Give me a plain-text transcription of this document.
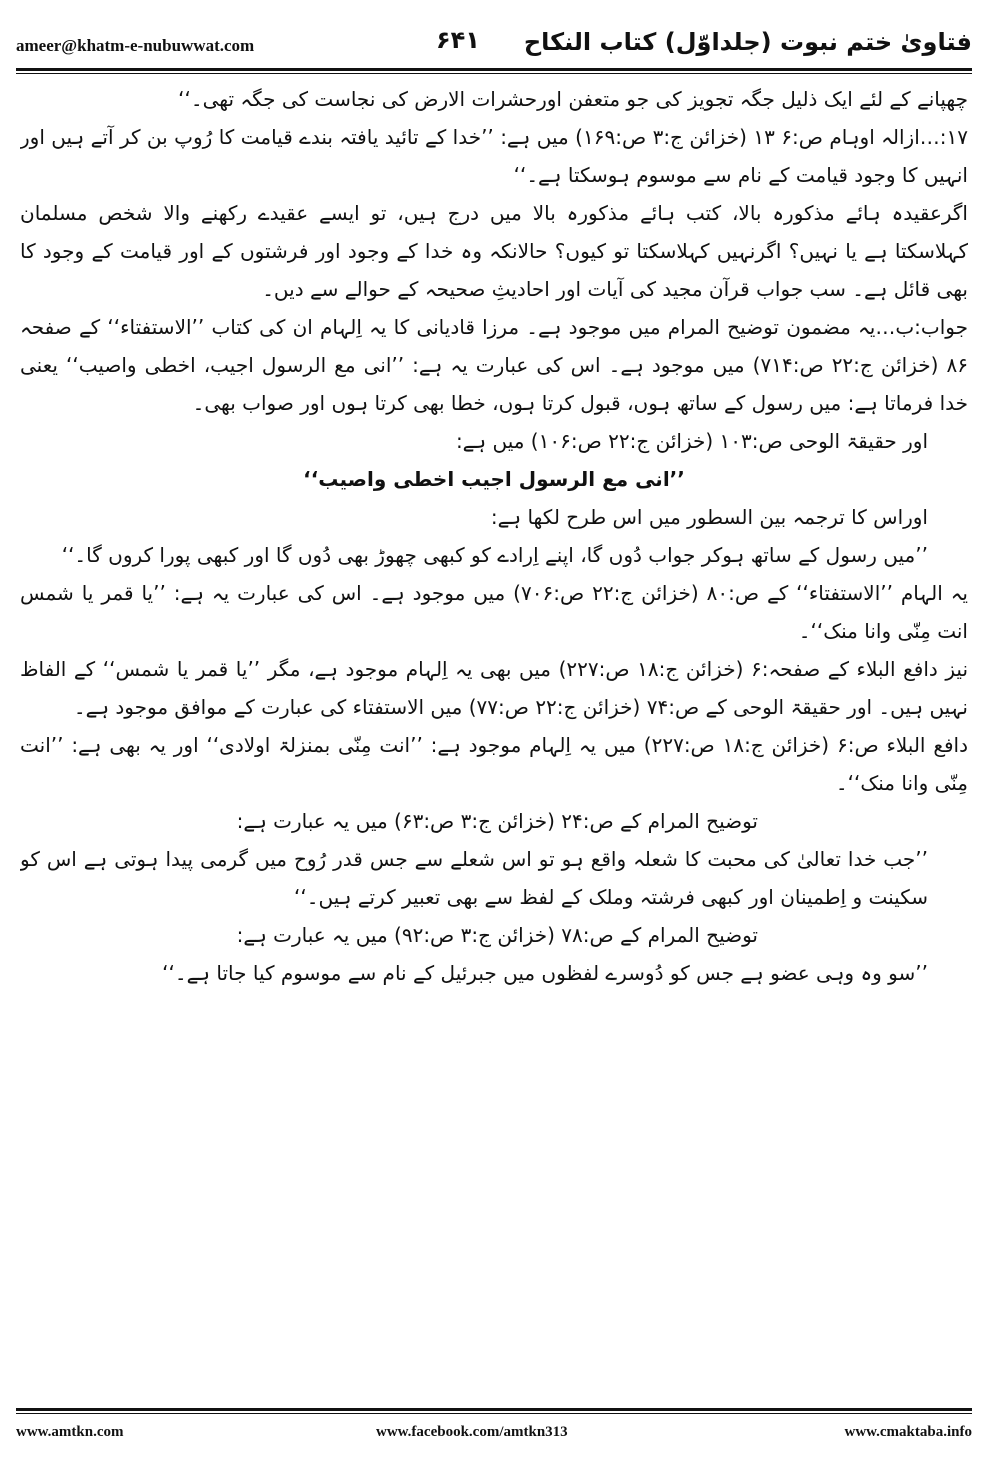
ameer@khatm-e-nubuwwat.com	۶۴۱ فتاویٰ ختم نبوت (جلداوّل) کتاب النکاح

چھپانے کے لئے ایک ذلیل جگہ تجویز کی جو متعفن اورحشرات الارض کی نجاست کی جگہ تھی۔‘‘

۱۷:…ازالہ اوہام ص:۶ ۱۳ (خزائن ج:۳ ص:۱۶۹) میں ہے: ’’خدا کے تائید یافتہ بندے قیامت کا رُوپ بن کر آتے ہیں اور انہیں کا وجود قیامت کے نام سے موسوم ہوسکتا ہے۔‘‘

اگرعقیدہ ہائے مذکورہ بالا، کتب ہائے مذکورہ بالا میں درج ہیں، تو ایسے عقیدے رکھنے والا شخص مسلمان کہلاسکتا ہے یا نہیں؟ اگرنہیں کہلاسکتا تو کیوں؟ حالانکہ وہ خدا کے وجود اور فرشتوں کے اور قیامت کے وجود کا بھی قائل ہے۔ سب جواب قرآن مجید کی آیات اور احادیثِ صحیحہ کے حوالے سے دیں۔

جواب:ب…یہ مضمون توضیح المرام میں موجود ہے۔ مرزا قادیانی کا یہ اِلہام ان کی کتاب ’’الاستفتاء‘‘ کے صفحہ ۸۶ (خزائن ج:۲۲ ص:۷۱۴) میں موجود ہے۔ اس کی عبارت یہ ہے: ’’انی مع الرسول اجیب، اخطی واصیب‘‘ یعنی خدا فرماتا ہے: میں رسول کے ساتھ ہوں، قبول کرتا ہوں، خطا بھی کرتا ہوں اور صواب بھی۔

اور حقیقۃ الوحی ص:۱۰۳ (خزائن ج:۲۲ ص:۱۰۶) میں ہے:

’’انی مع الرسول اجیب اخطی واصیب‘‘

اوراس کا ترجمہ بین السطور میں اس طرح لکھا ہے:

’’میں رسول کے ساتھ ہوکر جواب دُوں گا، اپنے اِرادے کو کبھی چھوڑ بھی دُوں گا اور کبھی پورا کروں گا۔‘‘

یہ الہام ’’الاستفتاء‘‘ کے ص:۸۰ (خزائن ج:۲۲ ص:۷۰۶) میں موجود ہے۔ اس کی عبارت یہ ہے: ’’یا قمر یا شمس انت مِنّی وانا منک‘‘۔

نیز دافع البلاء کے صفحہ:۶ (خزائن ج:۱۸ ص:۲۲۷) میں بھی یہ اِلہام موجود ہے، مگر ’’یا قمر یا شمس‘‘ کے الفاظ نہیں ہیں۔ اور حقیقۃ الوحی کے ص:۷۴ (خزائن ج:۲۲ ص:۷۷) میں الاستفتاء کی عبارت کے موافق موجود ہے۔

دافع البلاء ص:۶ (خزائن ج:۱۸ ص:۲۲۷) میں یہ اِلہام موجود ہے: ’’انت مِنّی بمنزلۃ اولادی‘‘ اور یہ بھی ہے: ’’انت مِنّی وانا منک‘‘۔

توضیح المرام کے ص:۲۴ (خزائن ج:۳ ص:۶۳) میں یہ عبارت ہے:

’’جب خدا تعالیٰ کی محبت کا شعلہ واقع ہو تو اس شعلے سے جس قدر رُوح میں گرمی پیدا ہوتی ہے اس کو سکینت و اِطمینان اور کبھی فرشتہ وملک کے لفظ سے بھی تعبیر کرتے ہیں۔‘‘

توضیح المرام کے ص:۷۸ (خزائن ج:۳ ص:۹۲) میں یہ عبارت ہے:

’’سو وہ وہی عضو ہے جس کو دُوسرے لفظوں میں جبرئیل کے نام سے موسوم کیا جاتا ہے۔‘‘

www.amtkn.com	www.facebook.com/amtkn313	www.cmaktaba.info
